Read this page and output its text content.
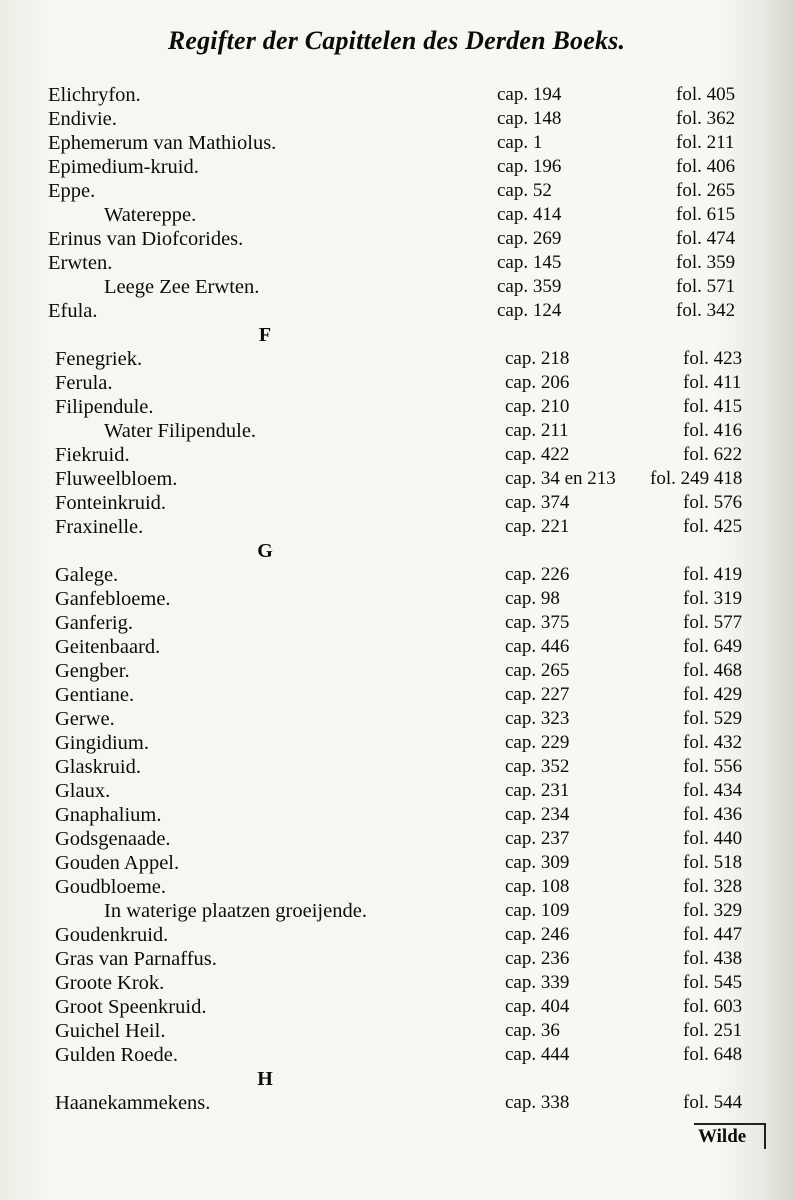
Regifter der Capittelen des Derden Boeks.
Elichryfon.	cap. 194	fol. 405
Endivie.	cap. 148	fol. 362
Ephemerum van Mathiolus.	cap. 1	fol. 211
Epimedium-kruid.	cap. 196	fol. 406
Eppe.	cap. 52	fol. 265
Watereppe.	cap. 414	fol. 615
Erinus van Diofcorides.	cap. 269	fol. 474
Erwten.	cap. 145	fol. 359
Leege Zee Erwten.	cap. 359	fol. 571
Efula.	cap. 124	fol. 342
F
Fenegriek.	cap. 218	fol. 423
Ferula.	cap. 206	fol. 411
Filipendule.	cap. 210	fol. 415
Water Filipendule.	cap. 211	fol. 416
Fiekruid.	cap. 422	fol. 622
Fluweelbloem.	cap. 34 en 213 fol. 249 418
Fonteinkruid.	cap. 374	fol. 576
Fraxinelle.	cap. 221	fol. 425
G
Galege.	cap. 226	fol. 419
Ganfebloeme.	cap. 98	fol. 319
Ganferig.	cap. 375	fol. 577
Geitenbaard.	cap. 446	fol. 649
Gengber.	cap. 265	fol. 468
Gentiane.	cap. 227	fol. 429
Gerwe.	cap. 323	fol. 529
Gingidium.	cap. 229	fol. 432
Glaskruid.	cap. 352	fol. 556
Glaux.	cap. 231	fol. 434
Gnaphalium.	cap. 234	fol. 436
Godsgenaade.	cap. 237	fol. 440
Gouden Appel.	cap. 309	fol. 518
Goudbloeme.	cap. 108	fol. 328
In waterige plaatzen groeijende.	cap. 109	fol. 329
Goudenkruid.	cap. 246	fol. 447
Gras van Parnaffus.	cap. 236	fol. 438
Groote Krok.	cap. 339	fol. 545
Groot Speenkruid.	cap. 404	fol. 603
Guichel Heil.	cap. 36	fol. 251
Gulden Roede.	cap. 444	fol. 648
H
Haanekammekens.	cap. 338	fol. 544
Wilde
